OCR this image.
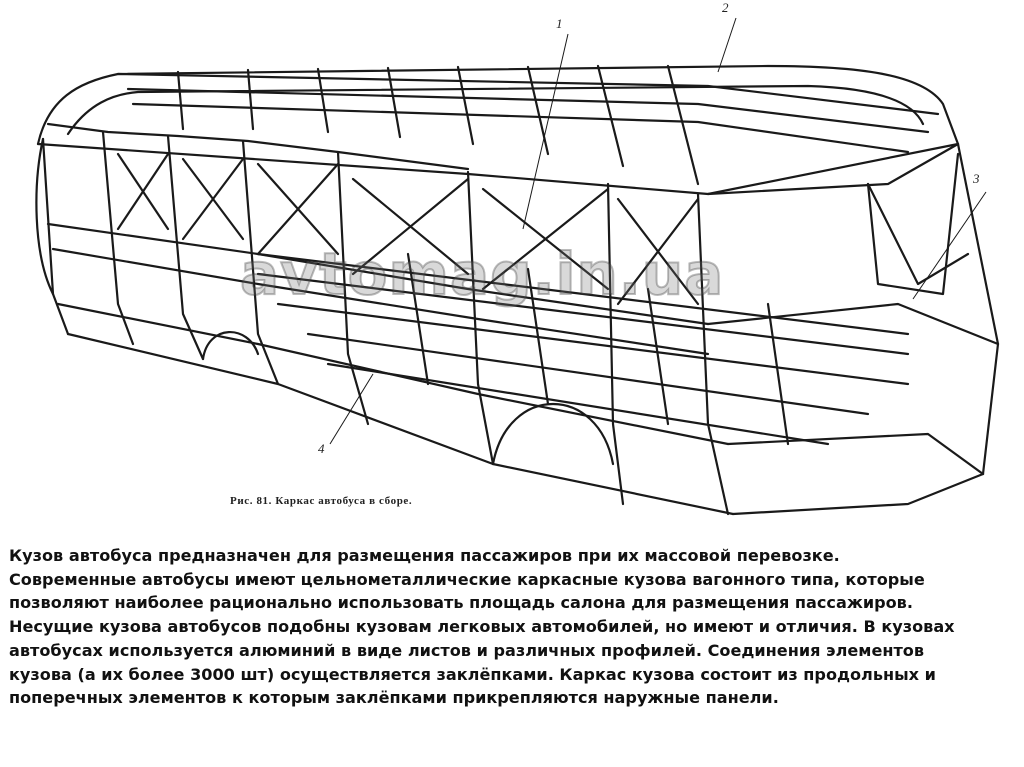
avtomag.in.ua
1
2
3
4
Рис. 81. Каркас автобуса в сборе.
Кузов автобуса предназначен для размещения пассажиров при их массовой перевозке.
Современные автобусы имеют цельнометаллические каркасные кузова вагонного типа, которые
позволяют наиболее рационально использовать площадь салона для размещения пассажиров.
Несущие кузова автобусов подобны кузовам легковых автомобилей, но имеют и отличия. В кузовах
автобусах используется алюминий в виде листов и различных профилей. Соединения элементов
кузова (а их более 3000 шт) осуществляется заклёпками. Каркас кузова состоит из продольных и
поперечных элементов к которым заклёпками прикрепляются наружные панели.
